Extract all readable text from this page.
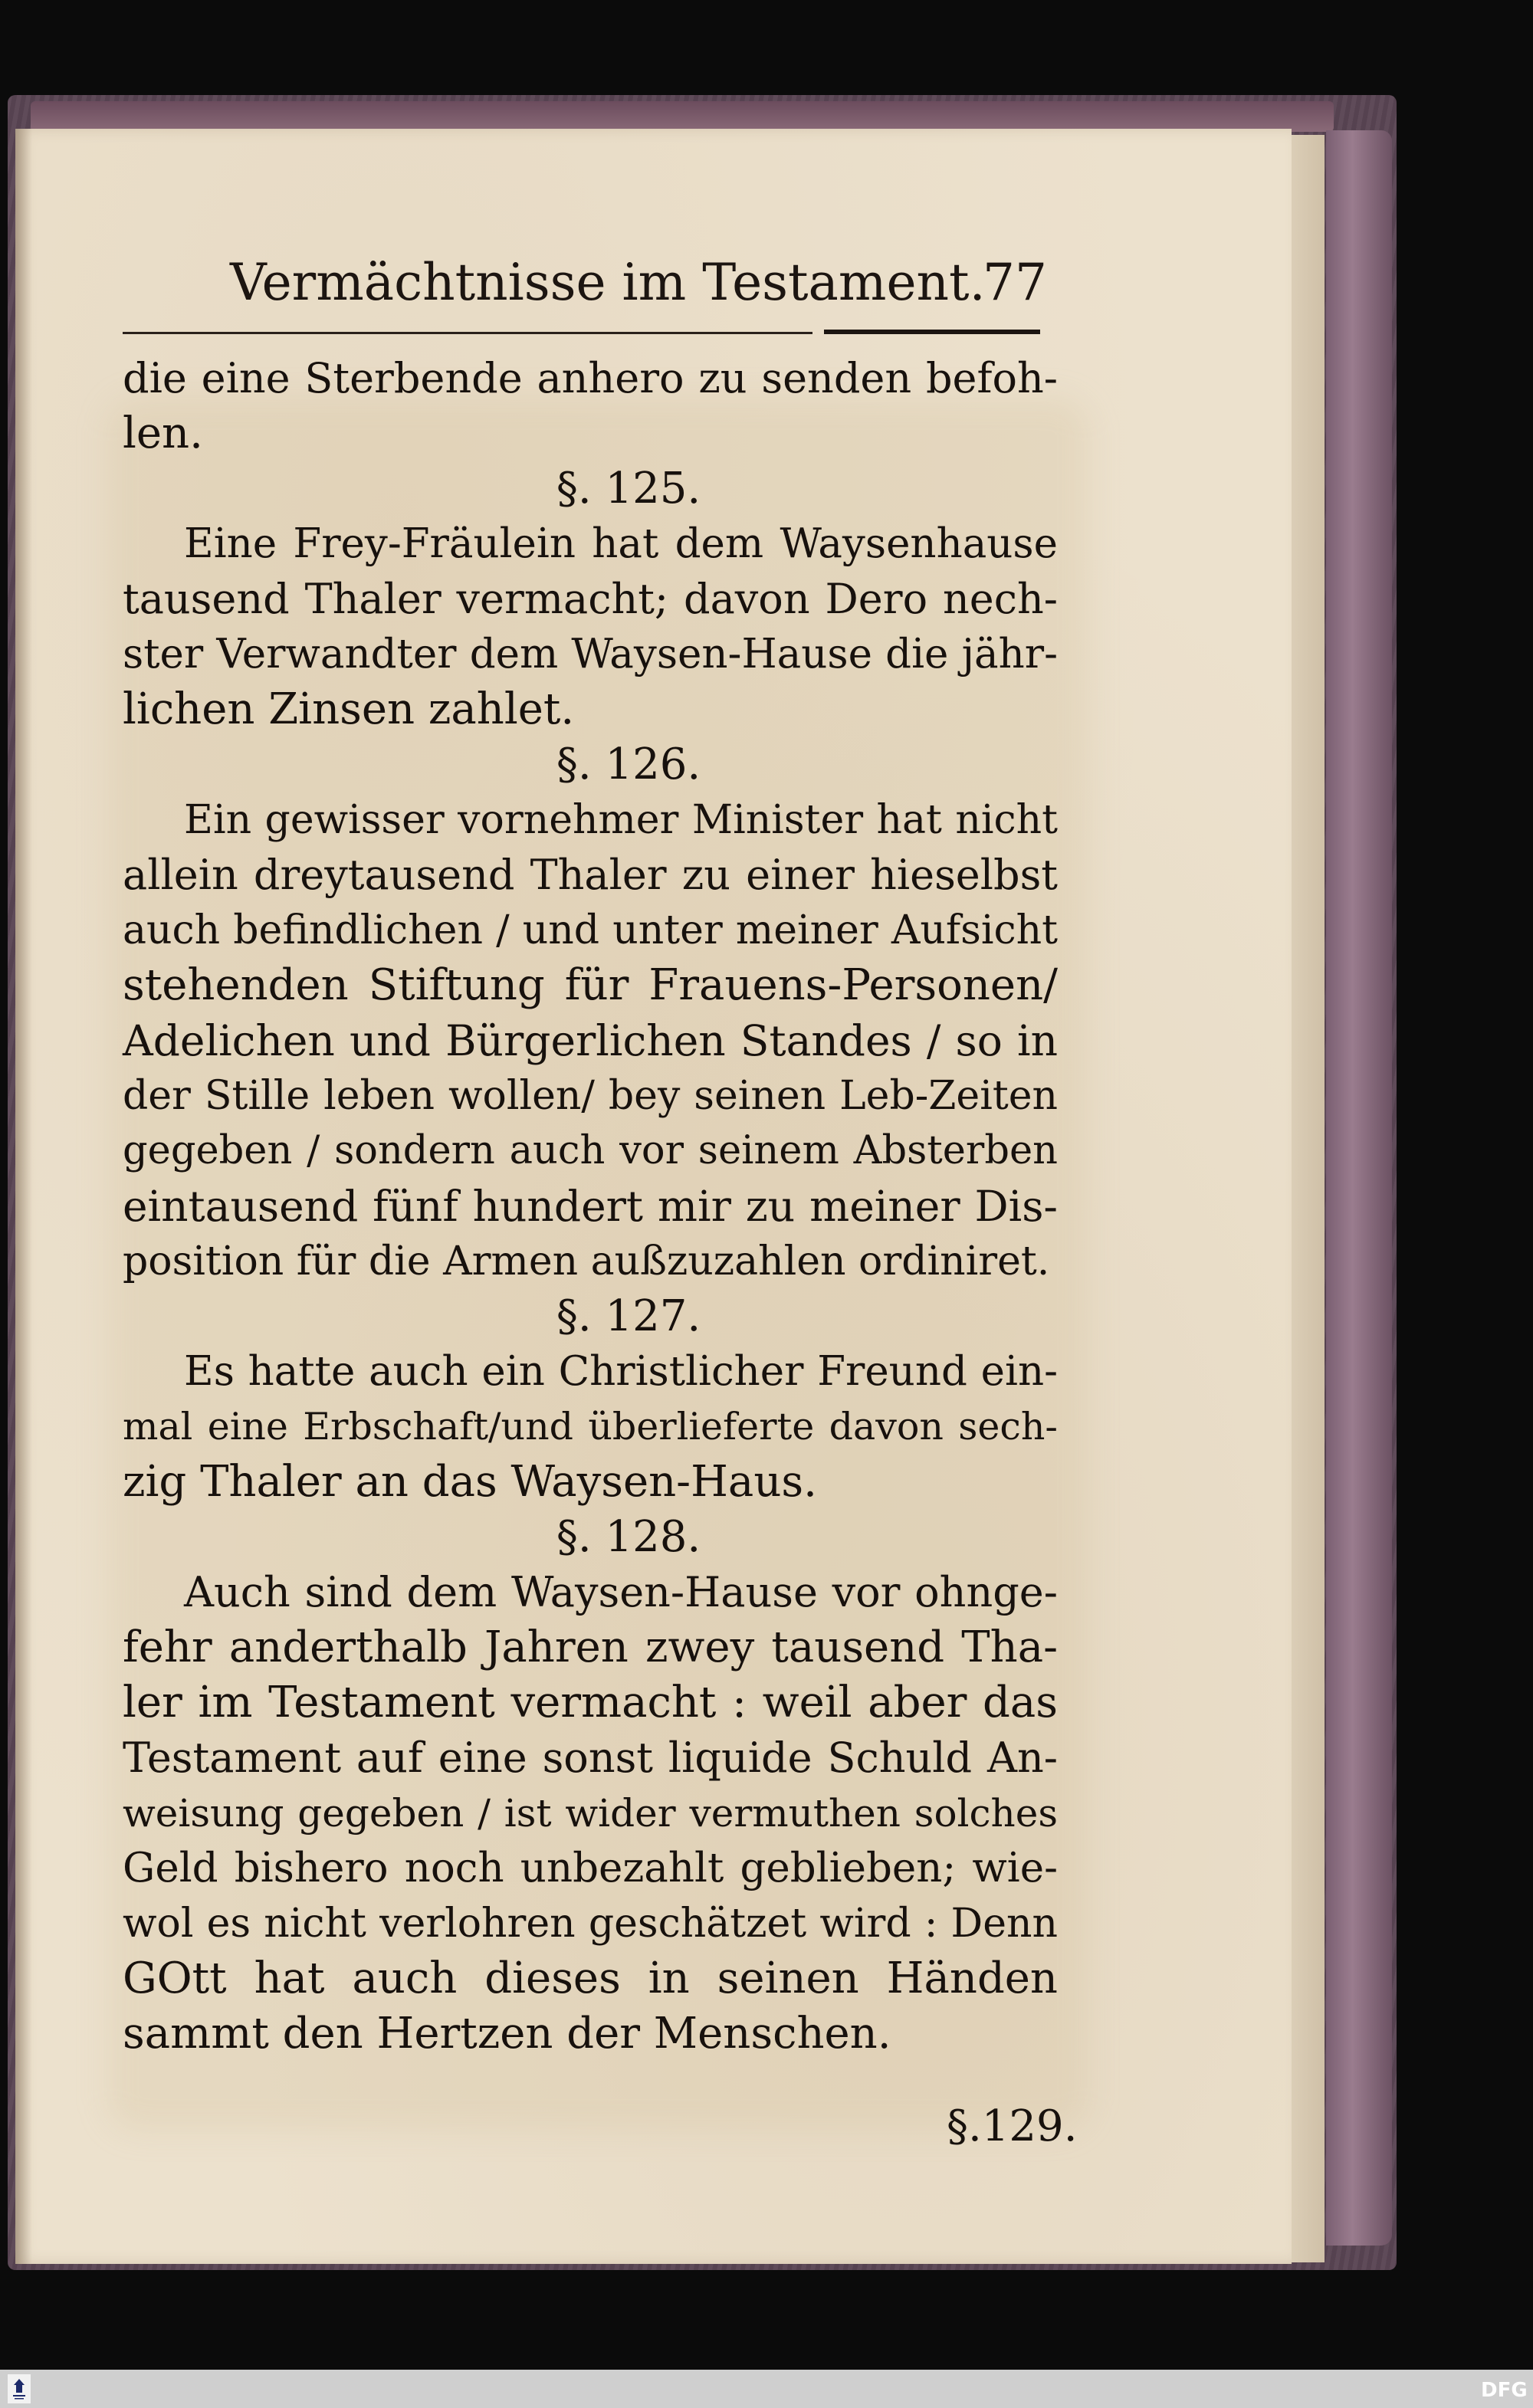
Vermächtnisse im Testament.
77
die eine Sterbende anhero zu senden befoh-
len.
§. 125.
Eine Frey-Fräulein hat dem Waysenhause
tausend Thaler vermacht; davon Dero nech-
ster Verwandter dem Waysen-Hause die jähr-
lichen Zinsen zahlet.
§. 126.
Ein gewisser vornehmer Minister hat nicht
allein dreytausend Thaler zu einer hieselbst
auch befindlichen / und unter meiner Aufsicht
stehenden Stiftung für Frauens-Personen/
Adelichen und Bürgerlichen Standes / so in
der Stille leben wollen/ bey seinen Leb-Zeiten
gegeben / sondern auch vor seinem Absterben
eintausend fünf hundert mir zu meiner Dis-
position für die Armen außzuzahlen ordiniret.
§. 127.
Es hatte auch ein Christlicher Freund ein-
mal eine Erbschaft/und überlieferte davon sech-
zig Thaler an das Waysen-Haus.
§. 128.
Auch sind dem Waysen-Hause vor ohnge-
fehr anderthalb Jahren zwey tausend Tha-
ler im Testament vermacht : weil aber das
Testament auf eine sonst liquide Schuld An-
weisung gegeben / ist wider vermuthen solches
Geld bishero noch unbezahlt geblieben; wie-
wol es nicht verlohren geschätzet wird : Denn
GOtt hat auch dieses in seinen Händen
sammt den Hertzen der Menschen.
§.129.
DFG
